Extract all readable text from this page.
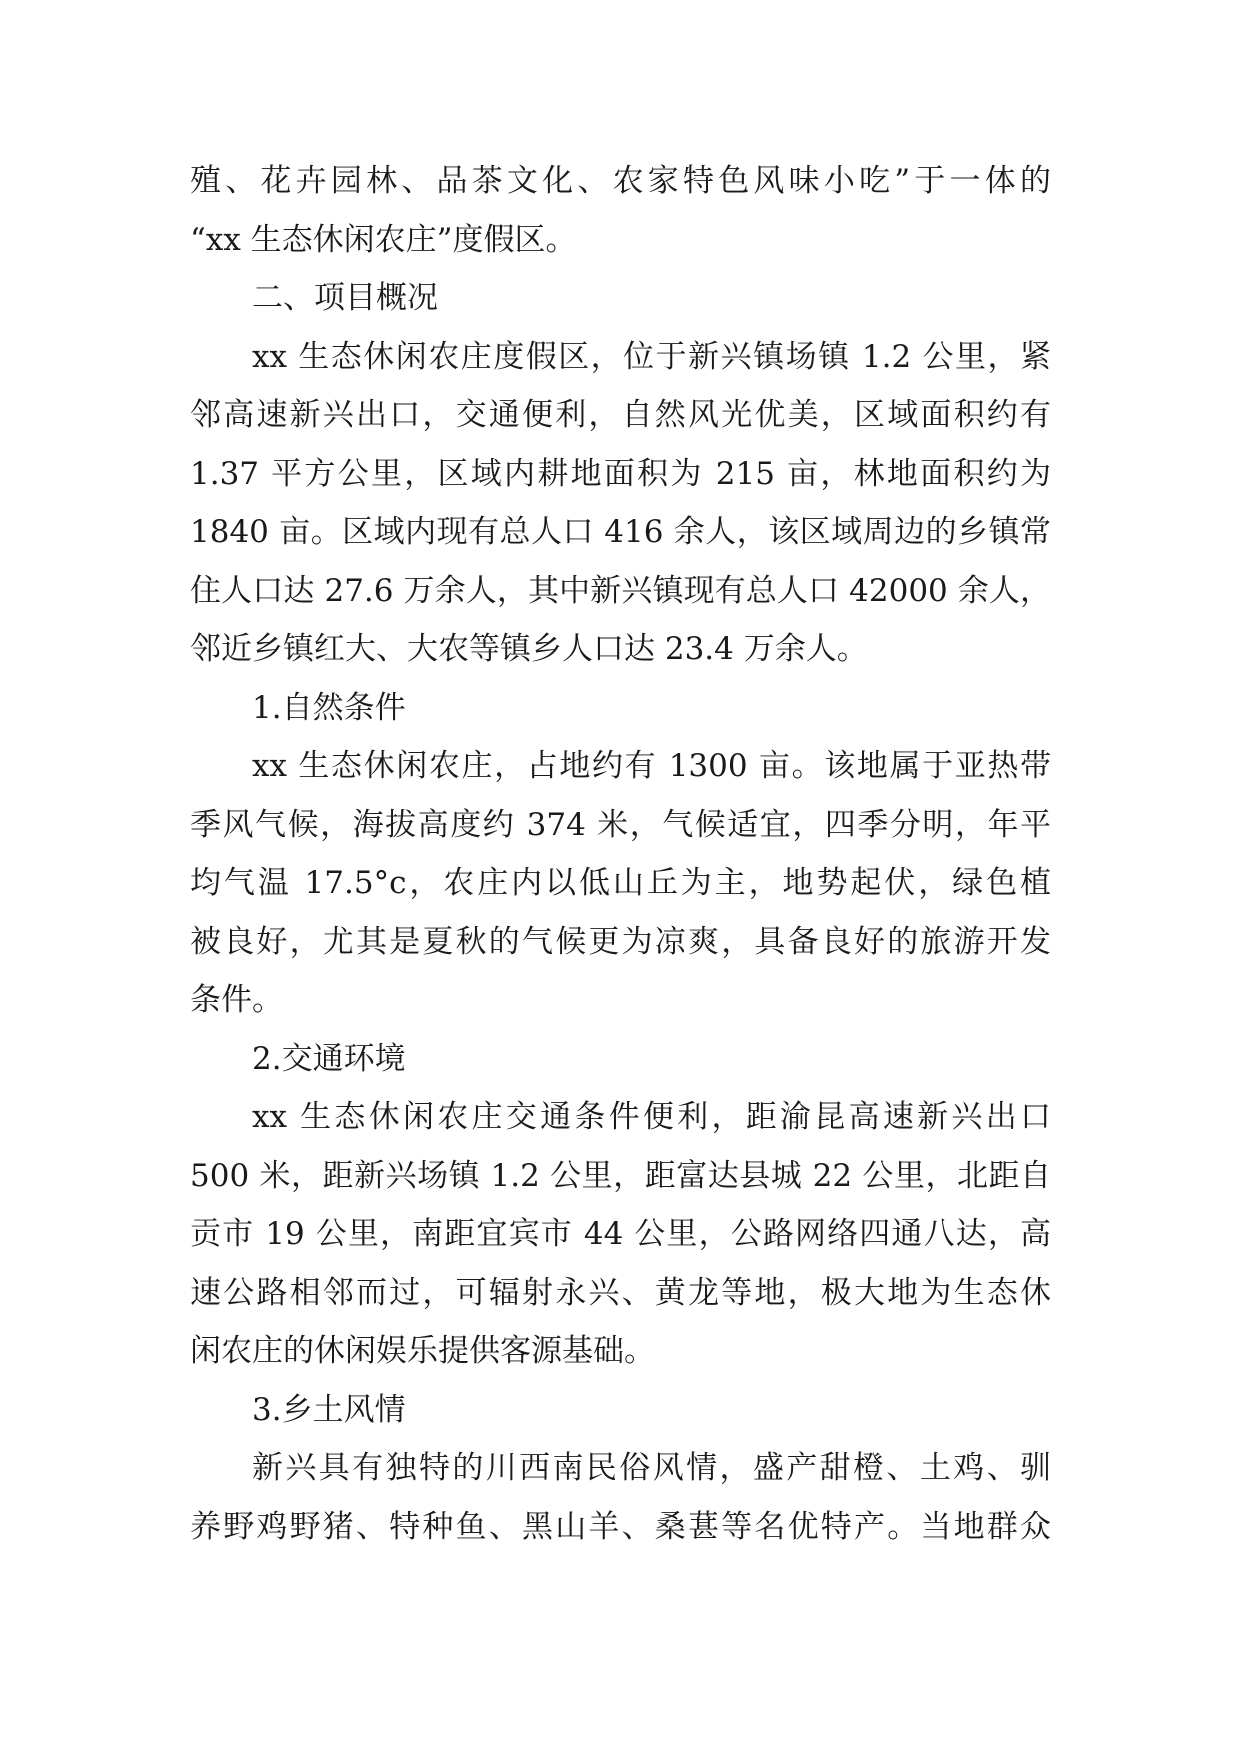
殖、花卉园林、品茶文化、农家特色风味小吃”于一体的
“xx 生态休闲农庄”度假区。
二、项目概况
xx 生态休闲农庄度假区，位于新兴镇场镇 1.2 公里，紧
邻高速新兴出口，交通便利，自然风光优美，区域面积约有
1.37 平方公里，区域内耕地面积为 215 亩，林地面积约为
1840 亩。区域内现有总人口 416 余人，该区域周边的乡镇常
住人口达 27.6 万余人，其中新兴镇现有总人口 42000 余人，
邻近乡镇红大、大农等镇乡人口达 23.4 万余人。
1.自然条件
xx 生态休闲农庄，占地约有 1300 亩。该地属于亚热带
季风气候，海拔高度约 374 米，气候适宜，四季分明，年平
均气温 17.5°c，农庄内以低山丘为主，地势起伏，绿色植
被良好，尤其是夏秋的气候更为凉爽，具备良好的旅游开发
条件。
2.交通环境
xx 生态休闲农庄交通条件便利，距渝昆高速新兴出口
500 米，距新兴场镇 1.2 公里，距富达县城 22 公里，北距自
贡市 19 公里，南距宜宾市 44 公里，公路网络四通八达，高
速公路相邻而过，可辐射永兴、黄龙等地，极大地为生态休
闲农庄的休闲娱乐提供客源基础。
3.乡土风情
新兴具有独特的川西南民俗风情，盛产甜橙、土鸡、驯
养野鸡野猪、特种鱼、黑山羊、桑葚等名优特产。当地群众
